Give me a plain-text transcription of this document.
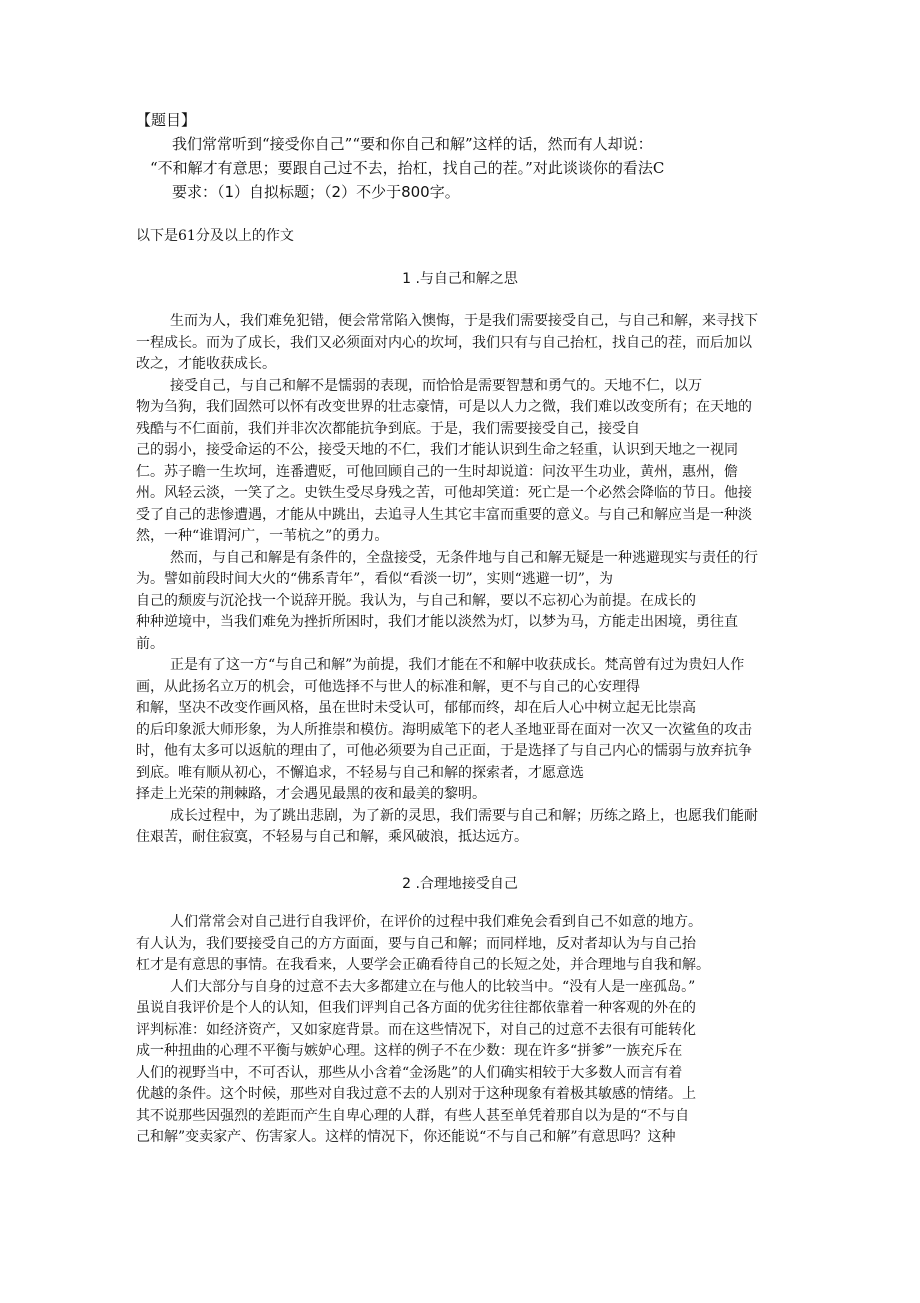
【题目】
我们常常听到“接受你自己”“要和你自己和解”这样的话，然而有人却说：
“不和解才有意思；要跟自己过不去，抬杠，找自己的茬。”对此谈谈你的看法C
要求：（1）自拟标题；（2）不少于800字。
以下是61分及以上的作文
1 .与自己和解之思
生而为人，我们难免犯错，便会常常陷入懊悔，于是我们需要接受自己，与自己和解，来寻找下
一程成长。而为了成长，我们又必须面对内心的坎坷，我们只有与自己抬杠，找自己的茬，而后加以
改之，才能收获成长。
接受自己，与自己和解不是懦弱的表现，而恰恰是需要智慧和勇气的。天地不仁，以万
物为刍狗，我们固然可以怀有改变世界的壮志豪情，可是以人力之微，我们难以改变所有；在天地的
残酷与不仁面前，我们并非次次都能抗争到底。于是，我们需要接受自己，接受自
己的弱小，接受命运的不公，接受天地的不仁，我们才能认识到生命之轻重，认识到天地之一视同
仁。苏子瞻一生坎坷，连番遭贬，可他回顾自己的一生时却说道：问汝平生功业，黄州，惠州，儋
州。风轻云淡，一笑了之。史铁生受尽身残之苦，可他却笑道：死亡是一个必然会降临的节日。他接
受了自己的悲惨遭遇，才能从中跳出，去追寻人生其它丰富而重要的意义。与自己和解应当是一种淡
然，一种“谁谓河广，一苇杭之”的勇力。
然而，与自己和解是有条件的，全盘接受，无条件地与自己和解无疑是一种逃避现实与责任的行
为。譬如前段时间大火的“佛系青年”，看似“看淡一切”，实则“逃避一切”，为
自己的颓废与沉沦找一个说辞开脱。我认为，与自己和解，要以不忘初心为前提。在成长的
种种逆境中，当我们难免为挫折所困时，我们才能以淡然为灯，以梦为马，方能走出困境，勇往直
前。
正是有了这一方“与自己和解”为前提，我们才能在不和解中收获成长。梵高曾有过为贵妇人作
画，从此扬名立万的机会，可他选择不与世人的标准和解，更不与自己的心安理得
和解，坚决不改变作画风格，虽在世时未受认可，郁郁而终，却在后人心中树立起无比崇高
的后印象派大师形象，为人所推崇和模仿。海明威笔下的老人圣地亚哥在面对一次又一次鲨鱼的攻击
时，他有太多可以返航的理由了，可他必须要为自己正面，于是选择了与自己内心的懦弱与放弃抗争
到底。唯有顺从初心，不懈追求，不轻易与自己和解的探索者，才愿意选
择走上光荣的荆棘路，才会遇见最黑的夜和最美的黎明。
成长过程中，为了跳出悲剧，为了新的灵思，我们需要与自己和解；历练之路上，也愿我们能耐
住艰苦，耐住寂寞，不轻易与自己和解，乘风破浪，抵达远方。
2 .合理地接受自己
人们常常会对自己进行自我评价，在评价的过程中我们难免会看到自己不如意的地方。
有人认为，我们要接受自己的方方面面，要与自己和解；而同样地，反对者却认为与自己抬
杠才是有意思的事情。在我看来，人要学会正确看待自己的长短之处，并合理地与自我和解。
人们大部分与自身的过意不去大多都建立在与他人的比较当中。“没有人是一座孤岛。”
虽说自我评价是个人的认知，但我们评判自己各方面的优劣往往都依靠着一种客观的外在的
评判标准：如经济资产，又如家庭背景。而在这些情况下，对自己的过意不去很有可能转化
成一种扭曲的心理不平衡与嫉妒心理。这样的例子不在少数：现在许多“拼爹”一族充斥在
人们的视野当中，不可否认，那些从小含着“金汤匙”的人们确实相较于大多数人而言有着
优越的条件。这个时候，那些对自我过意不去的人别对于这种现象有着极其敏感的情绪。上
其不说那些因强烈的差距而产生自卑心理的人群，有些人甚至单凭着那自以为是的“不与自
己和解”变卖家产、伤害家人。这样的情况下，你还能说“不与自己和解”有意思吗？这种
